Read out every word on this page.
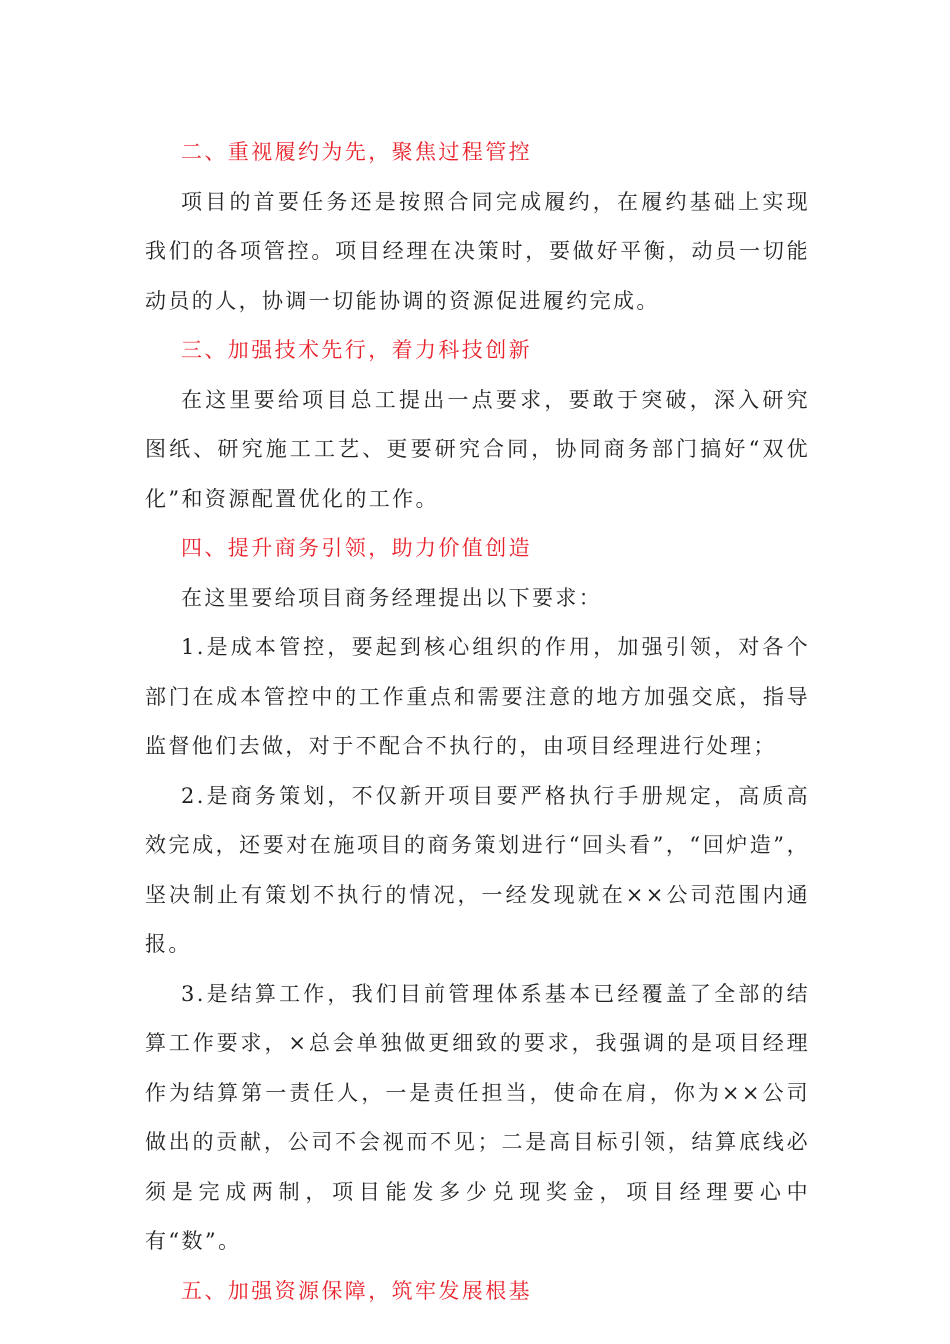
二、重视履约为先，聚焦过程管控

项目的首要任务还是按照合同完成履约，在履约基础上实现我们的各项管控。项目经理在决策时，要做好平衡，动员一切能动员的人，协调一切能协调的资源促进履约完成。

三、加强技术先行，着力科技创新

在这里要给项目总工提出一点要求，要敢于突破，深入研究图纸、研究施工工艺、更要研究合同，协同商务部门搞好“双优化”和资源配置优化的工作。

四、提升商务引领，助力价值创造

在这里要给项目商务经理提出以下要求：

1.是成本管控，要起到核心组织的作用，加强引领，对各个部门在成本管控中的工作重点和需要注意的地方加强交底，指导监督他们去做，对于不配合不执行的，由项目经理进行处理；

2.是商务策划，不仅新开项目要严格执行手册规定，高质高效完成，还要对在施项目的商务策划进行“回头看”，“回炉造”，坚决制止有策划不执行的情况，一经发现就在××公司范围内通报。

3.是结算工作，我们目前管理体系基本已经覆盖了全部的结算工作要求，×总会单独做更细致的要求，我强调的是项目经理作为结算第一责任人，一是责任担当，使命在肩，你为××公司做出的贡献，公司不会视而不见；二是高目标引领，结算底线必须是完成两制，项目能发多少兑现奖金，项目经理要心中有“数”。

五、加强资源保障，筑牢发展根基
